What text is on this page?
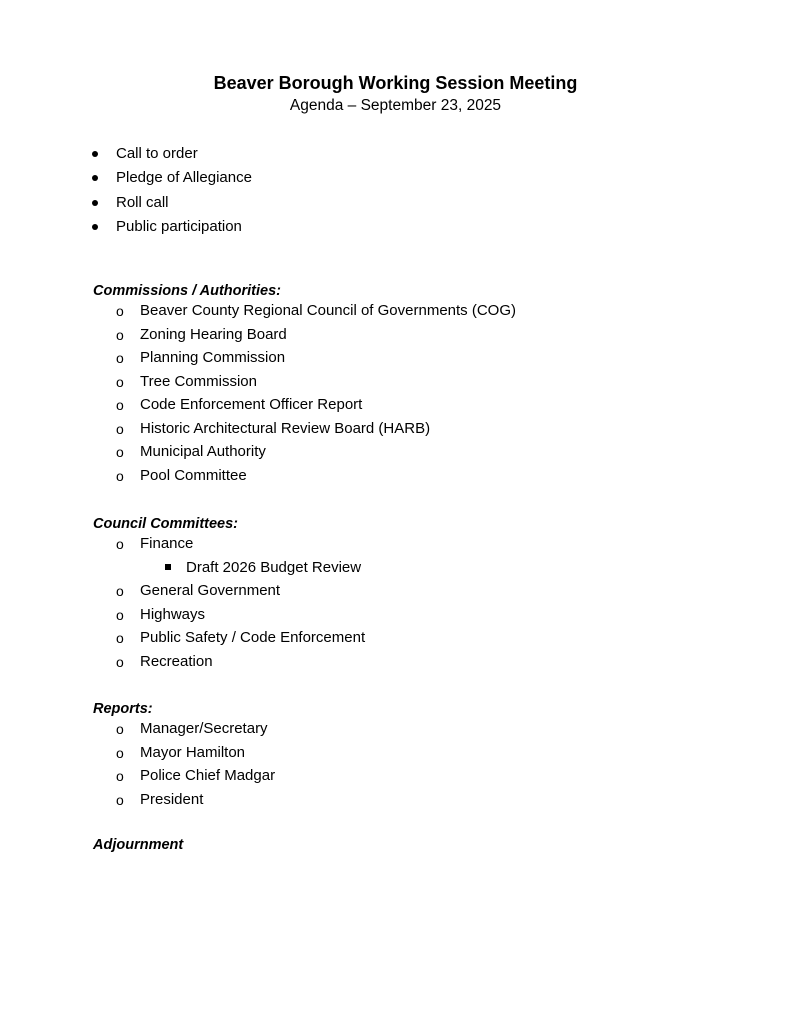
Beaver Borough Working Session Meeting
Agenda – September 23, 2025
Call to order
Pledge of Allegiance
Roll call
Public participation
Commissions / Authorities:
o Beaver County Regional Council of Governments (COG)
o Zoning Hearing Board
o Planning Commission
o Tree Commission
o Code Enforcement Officer Report
o Historic Architectural Review Board (HARB)
o Municipal Authority
o Pool Committee
Council Committees:
o Finance
Draft 2026 Budget Review
o General Government
o Highways
o Public Safety / Code Enforcement
o Recreation
Reports:
o Manager/Secretary
o Mayor Hamilton
o Police Chief Madgar
o President
Adjournment
